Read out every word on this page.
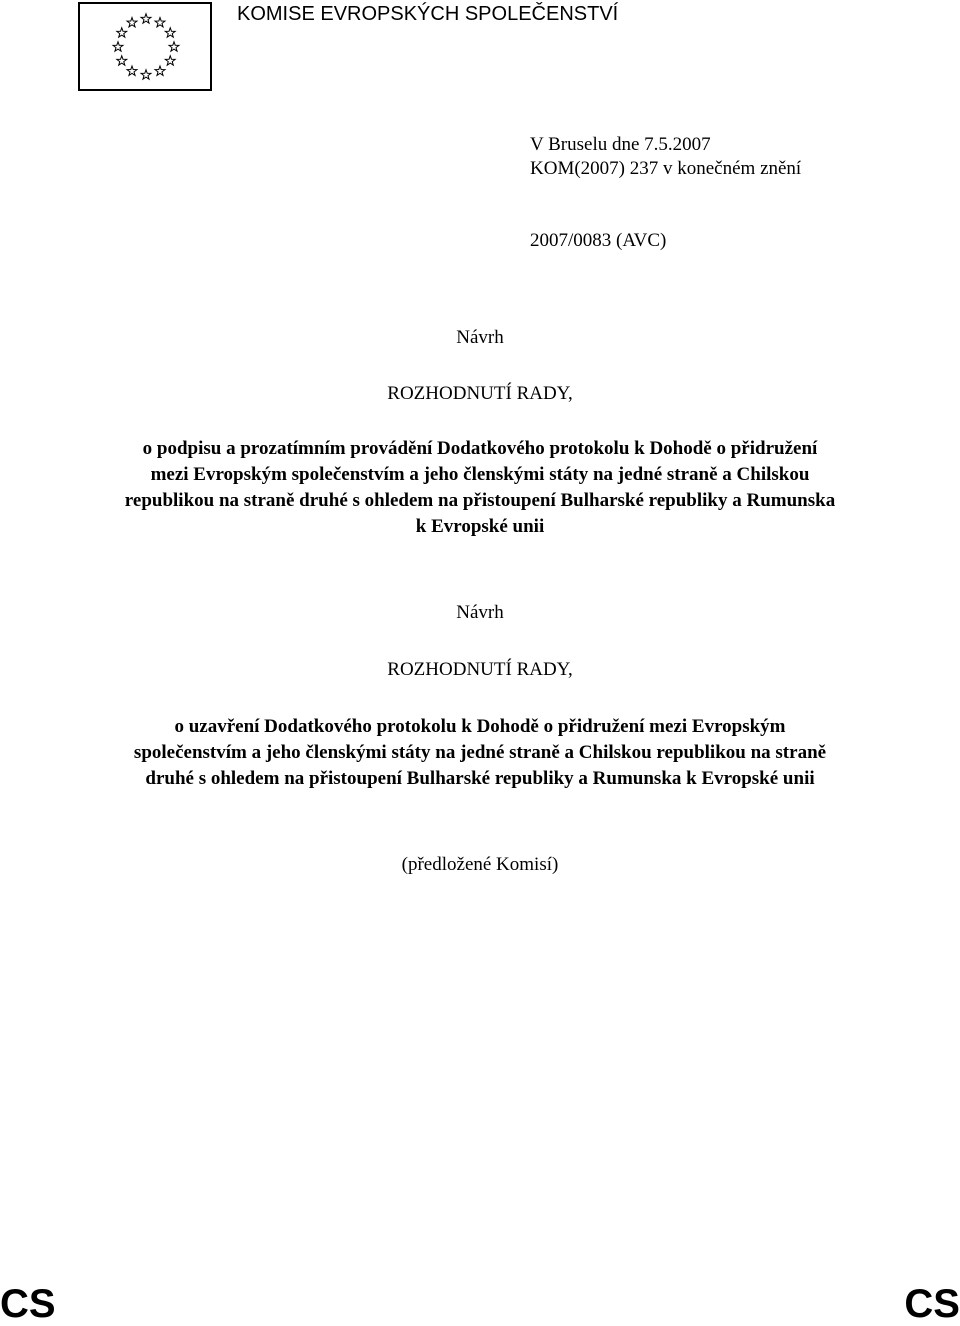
KOMISE EVROPSKÝCH SPOLEČENSTVÍ
V Bruselu dne 7.5.2007
KOM(2007) 237 v konečném znění
2007/0083 (AVC)
Návrh
ROZHODNUTÍ RADY,
o podpisu a prozatímním provádění Dodatkového protokolu k Dohodě o přidružení
mezi Evropským společenstvím a jeho členskými státy na jedné straně a Chilskou
republikou na straně druhé s ohledem na přistoupení Bulharské republiky a Rumunska
k Evropské unii
Návrh
ROZHODNUTÍ RADY,
o uzavření Dodatkového protokolu k Dohodě o přidružení mezi Evropským
společenstvím a jeho členskými státy na jedné straně a Chilskou republikou na straně
druhé s ohledem na přistoupení Bulharské republiky a Rumunska k Evropské unii
(předložené Komisí)
CS	CS
